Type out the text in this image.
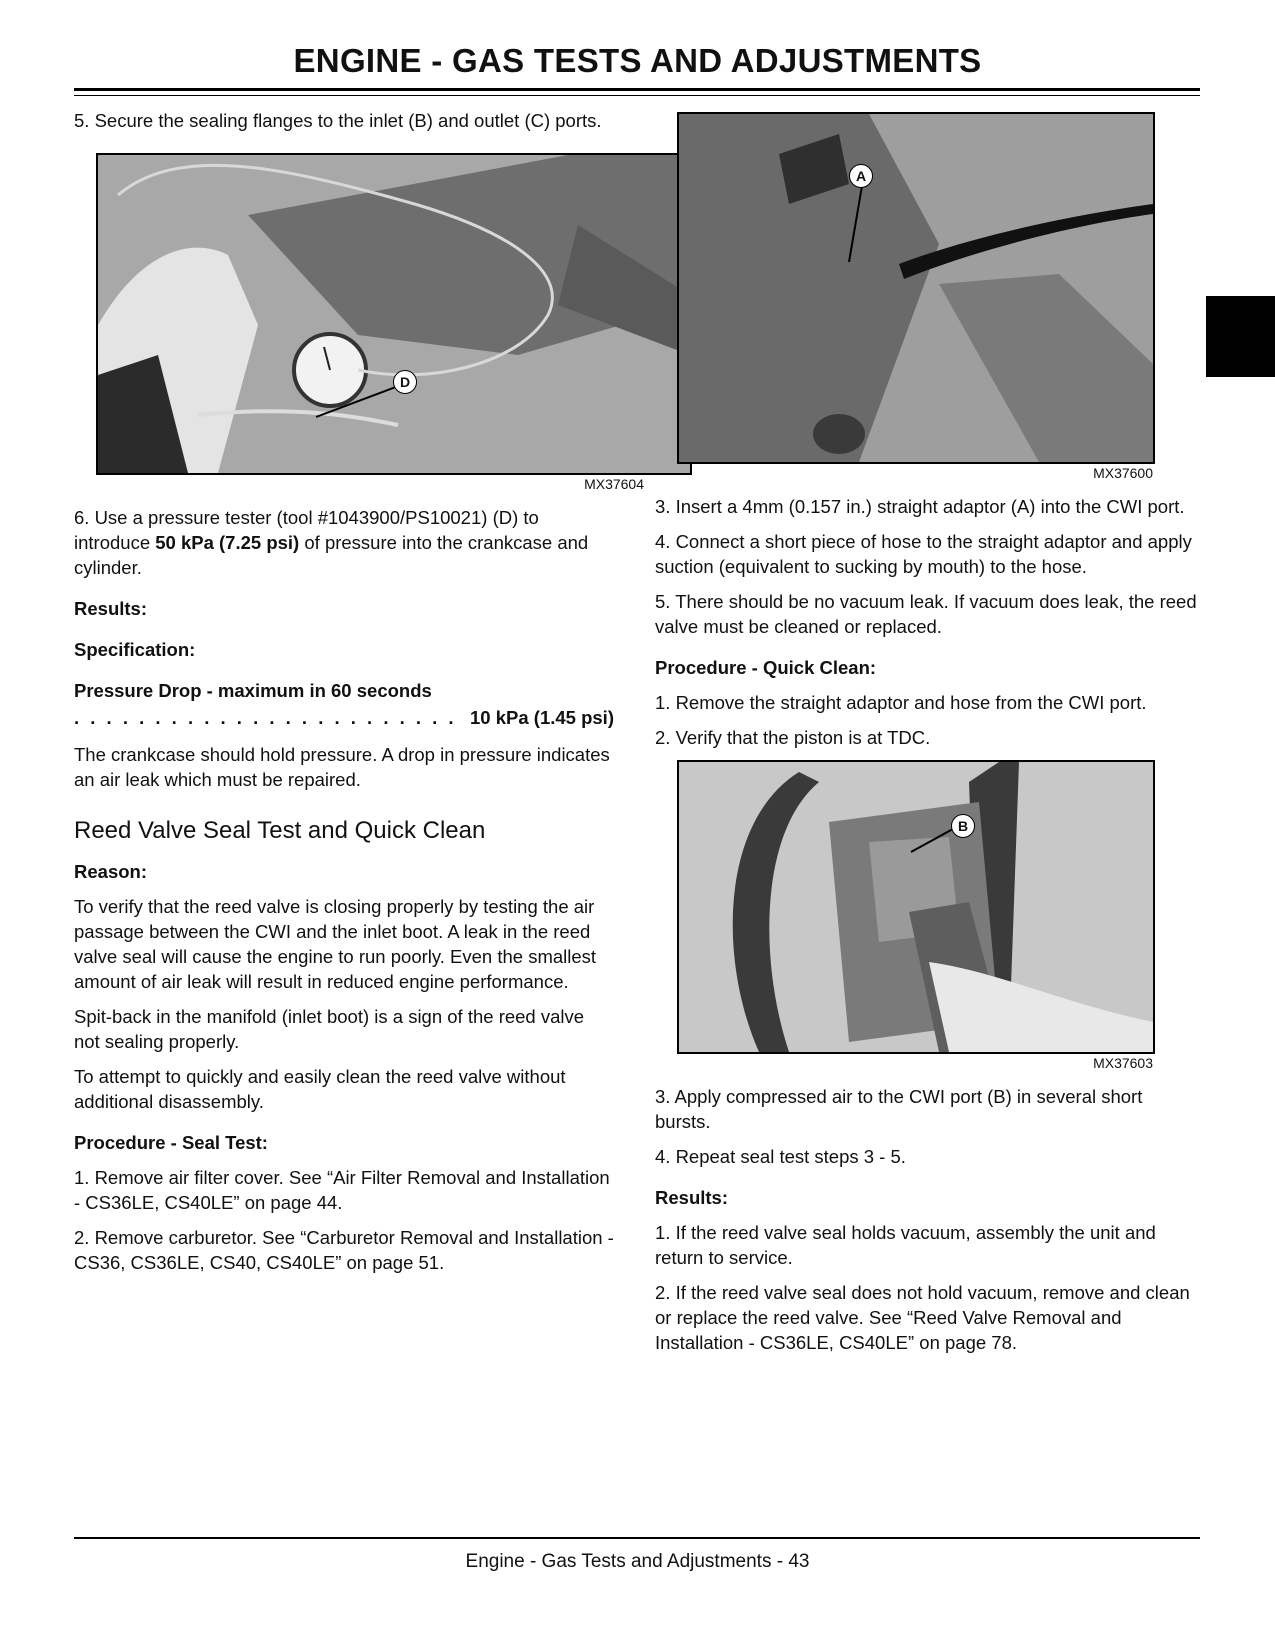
ENGINE - GAS TESTS AND ADJUSTMENTS

5. Secure the sealing flanges to the inlet (B) and outlet (C) ports.

D
MX37604

6. Use a pressure tester (tool #1043900/PS10021) (D) to introduce 50 kPa (7.25 psi) of pressure into the crankcase and cylinder.

Results:
Specification:
Pressure Drop - maximum in 60 seconds
. . .
10 kPa (1.45 psi)

The crankcase should hold pressure. A drop in pressure indicates an air leak which must be repaired.

Reed Valve Seal Test and Quick Clean
Reason:

To verify that the reed valve is closing properly by testing the air passage between the CWI and the inlet boot. A leak in the reed valve seal will cause the engine to run poorly. Even the smallest amount of air leak will result in reduced engine performance.

Spit-back in the manifold (inlet boot) is a sign of the reed valve not sealing properly.

To attempt to quickly and easily clean the reed valve without additional disassembly.

Procedure - Seal Test:

1. Remove air filter cover. See “Air Filter Removal and Installation - CS36LE, CS40LE” on page 44.

2. Remove carburetor. See “Carburetor Removal and Installation - CS36, CS36LE, CS40, CS40LE” on page 51.

A
MX37600

3. Insert a 4mm (0.157 in.) straight adaptor (A) into the CWI port.

4. Connect a short piece of hose to the straight adaptor and apply suction (equivalent to sucking by mouth) to the hose.

5. There should be no vacuum leak. If vacuum does leak, the reed valve must be cleaned or replaced.

Procedure - Quick Clean:

1. Remove the straight adaptor and hose from the CWI port.

2. Verify that the piston is at TDC.

B
MX37603

3. Apply compressed air to the CWI port (B) in several short bursts.

4. Repeat seal test steps 3 - 5.

Results:

1. If the reed valve seal holds vacuum, assembly the unit and return to service.

2. If the reed valve seal does not hold vacuum, remove and clean or replace the reed valve. See “Reed Valve Removal and Installation - CS36LE, CS40LE” on page 78.

Engine - Gas Tests and Adjustments - 43
